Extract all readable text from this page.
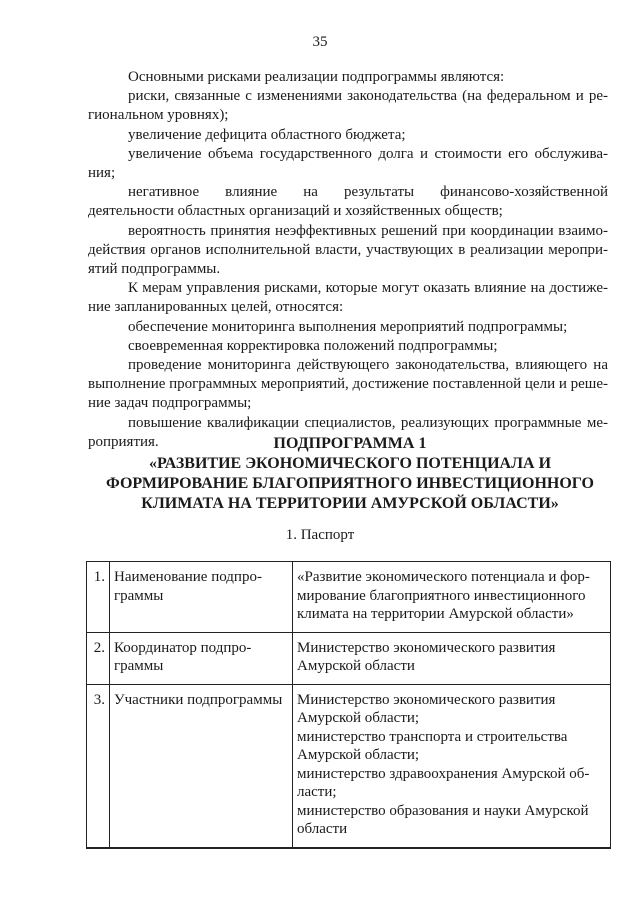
35

Основными рисками реализации подпрограммы являются:

риски, связанные с изменениями законодательства (на федеральном и ре-гиональном уровнях);

увеличение дефицита областного бюджета;

увеличение объема государственного долга и стоимости его обслужива-ния;

негативное влияние на результаты финансово-хозяйственной деятельности областных организаций и хозяйственных обществ;

вероятность принятия неэффективных решений при координации взаимо-действия органов исполнительной власти, участвующих в реализации меропри-ятий подпрограммы.

К мерам управления рисками, которые могут оказать влияние на достиже-ние запланированных целей, относятся:

обеспечение мониторинга выполнения мероприятий подпрограммы;

своевременная корректировка положений подпрограммы;

проведение мониторинга действующего законодательства, влияющего на выполнение программных мероприятий, достижение поставленной цели и реше-ние задач подпрограммы;

повышение квалификации специалистов, реализующих программные ме-роприятия.	ПОДПРОГРАММА 1
«РАЗВИТИЕ ЭКОНОМИЧЕСКОГО ПОТЕНЦИАЛА И
ФОРМИРОВАНИЕ БЛАГОПРИЯТНОГО ИНВЕСТИЦИОННОГО
КЛИМАТА НА ТЕРРИТОРИИ АМУРСКОЙ ОБЛАСТИ»
1. Паспорт
1.	Наименование подпро-граммы	«Развитие экономического потенциала и фор-мирование благоприятного инвестиционного климата на территории Амурской области»

2.	Координатор подпро-граммы	Министерство экономического развития Амурской области

3.	Участники подпрограммы	Министерство экономического развития Амурской области;
министерство транспорта и строительства Амурской области;
министерство здравоохранения Амурской об-ласти;
министерство образования и науки Амурской области
